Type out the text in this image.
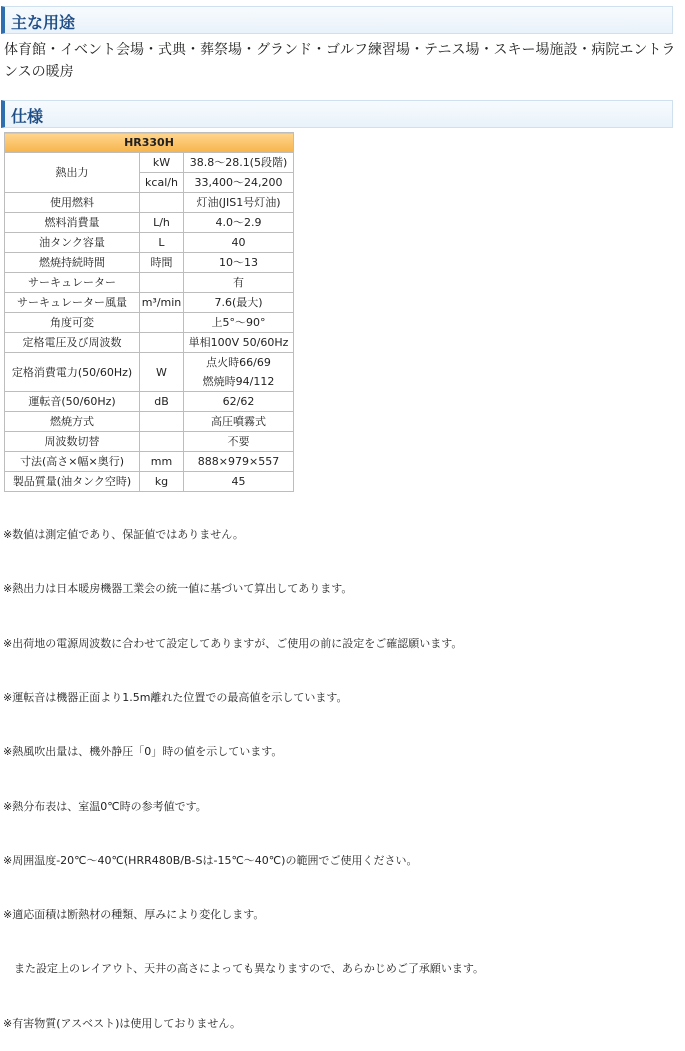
主な用途
体育館・イベント会場・式典・葬祭場・グランド・ゴルフ練習場・テニス場・スキー場施設・病院エントランスの暖房
仕様
HR330H		
熱出力	kW	38.8～28.1(5段階)
	kcal/h	33,400～24,200
使用燃料		灯油(JIS1号灯油)
燃料消費量	L/h	4.0～2.9
油タンク容量	L	40
燃焼持続時間	時間	10～13
サーキュレーター		有
サーキュレーター風量	m³/min	7.6(最大)
角度可変		上5°～90°
定格電圧及び周波数		単相100V 50/60Hz
定格消費電力(50/60Hz)	W	点火時66/69
燃焼時94/112

運転音(50/60Hz)	dB	62/62
燃焼方式		高圧噴霧式
周波数切替		不要
寸法(高さ×幅×奥行)	mm	888×979×557
製品質量(油タンク空時)	kg	45

※数値は測定値であり、保証値ではありません。

※熱出力は日本暖房機器工業会の統一値に基づいて算出してあります。

※出荷地の電源周波数に合わせて設定してありますが、ご使用の前に設定をご確認願います。

※運転音は機器正面より1.5m離れた位置での最高値を示しています。

※熱風吹出量は、機外静圧「0」時の値を示しています。

※熱分布表は、室温0℃時の参考値です。

※周囲温度-20℃～40℃(HRR480B/B-Sは-15℃～40℃)の範囲でご使用ください。

※適応面積は断熱材の種類、厚みにより変化します。

　また設定上のレイアウト、天井の高さによっても異なりますので、あらかじめご了承願います。

※有害物質(アスベスト)は使用しておりません。
